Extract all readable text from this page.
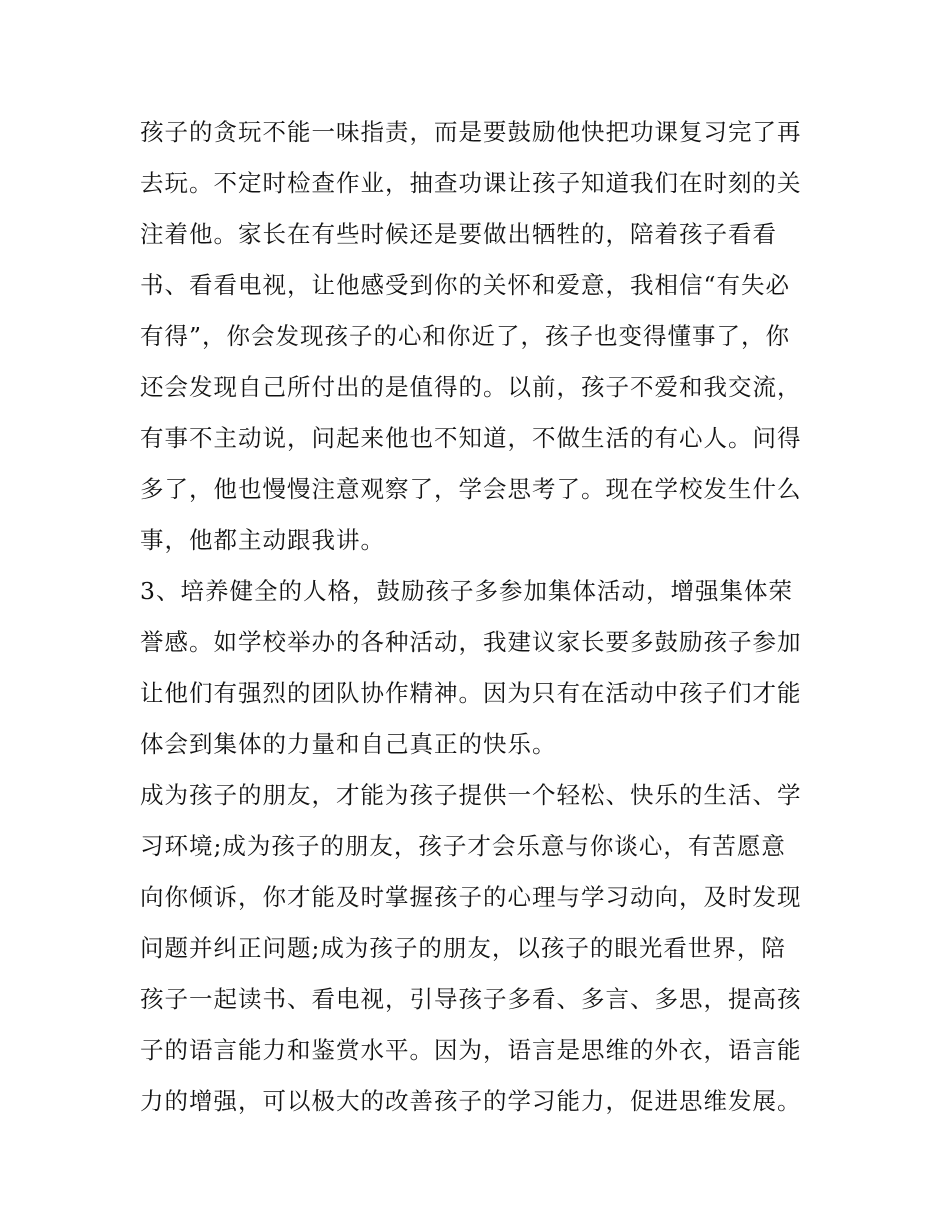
孩子的贪玩不能一味指责，而是要鼓励他快把功课复习完了再
去玩。不定时检查作业，抽查功课让孩子知道我们在时刻的关
注着他。家长在有些时候还是要做出牺牲的，陪着孩子看看
书、看看电视，让他感受到你的关怀和爱意，我相信“有失必
有得”，你会发现孩子的心和你近了，孩子也变得懂事了，你
还会发现自己所付出的是值得的。以前，孩子不爱和我交流，
有事不主动说，问起来他也不知道，不做生活的有心人。问得
多了，他也慢慢注意观察了，学会思考了。现在学校发生什么
事，他都主动跟我讲。
3、培养健全的人格，鼓励孩子多参加集体活动，增强集体荣
誉感。如学校举办的各种活动，我建议家长要多鼓励孩子参加
让他们有强烈的团队协作精神。因为只有在活动中孩子们才能
体会到集体的力量和自己真正的快乐。
成为孩子的朋友，才能为孩子提供一个轻松、快乐的生活、学
习环境;成为孩子的朋友，孩子才会乐意与你谈心，有苦愿意
向你倾诉，你才能及时掌握孩子的心理与学习动向，及时发现
问题并纠正问题;成为孩子的朋友，以孩子的眼光看世界，陪
孩子一起读书、看电视，引导孩子多看、多言、多思，提高孩
子的语言能力和鉴赏水平。因为，语言是思维的外衣，语言能
力的增强，可以极大的改善孩子的学习能力，促进思维发展。
